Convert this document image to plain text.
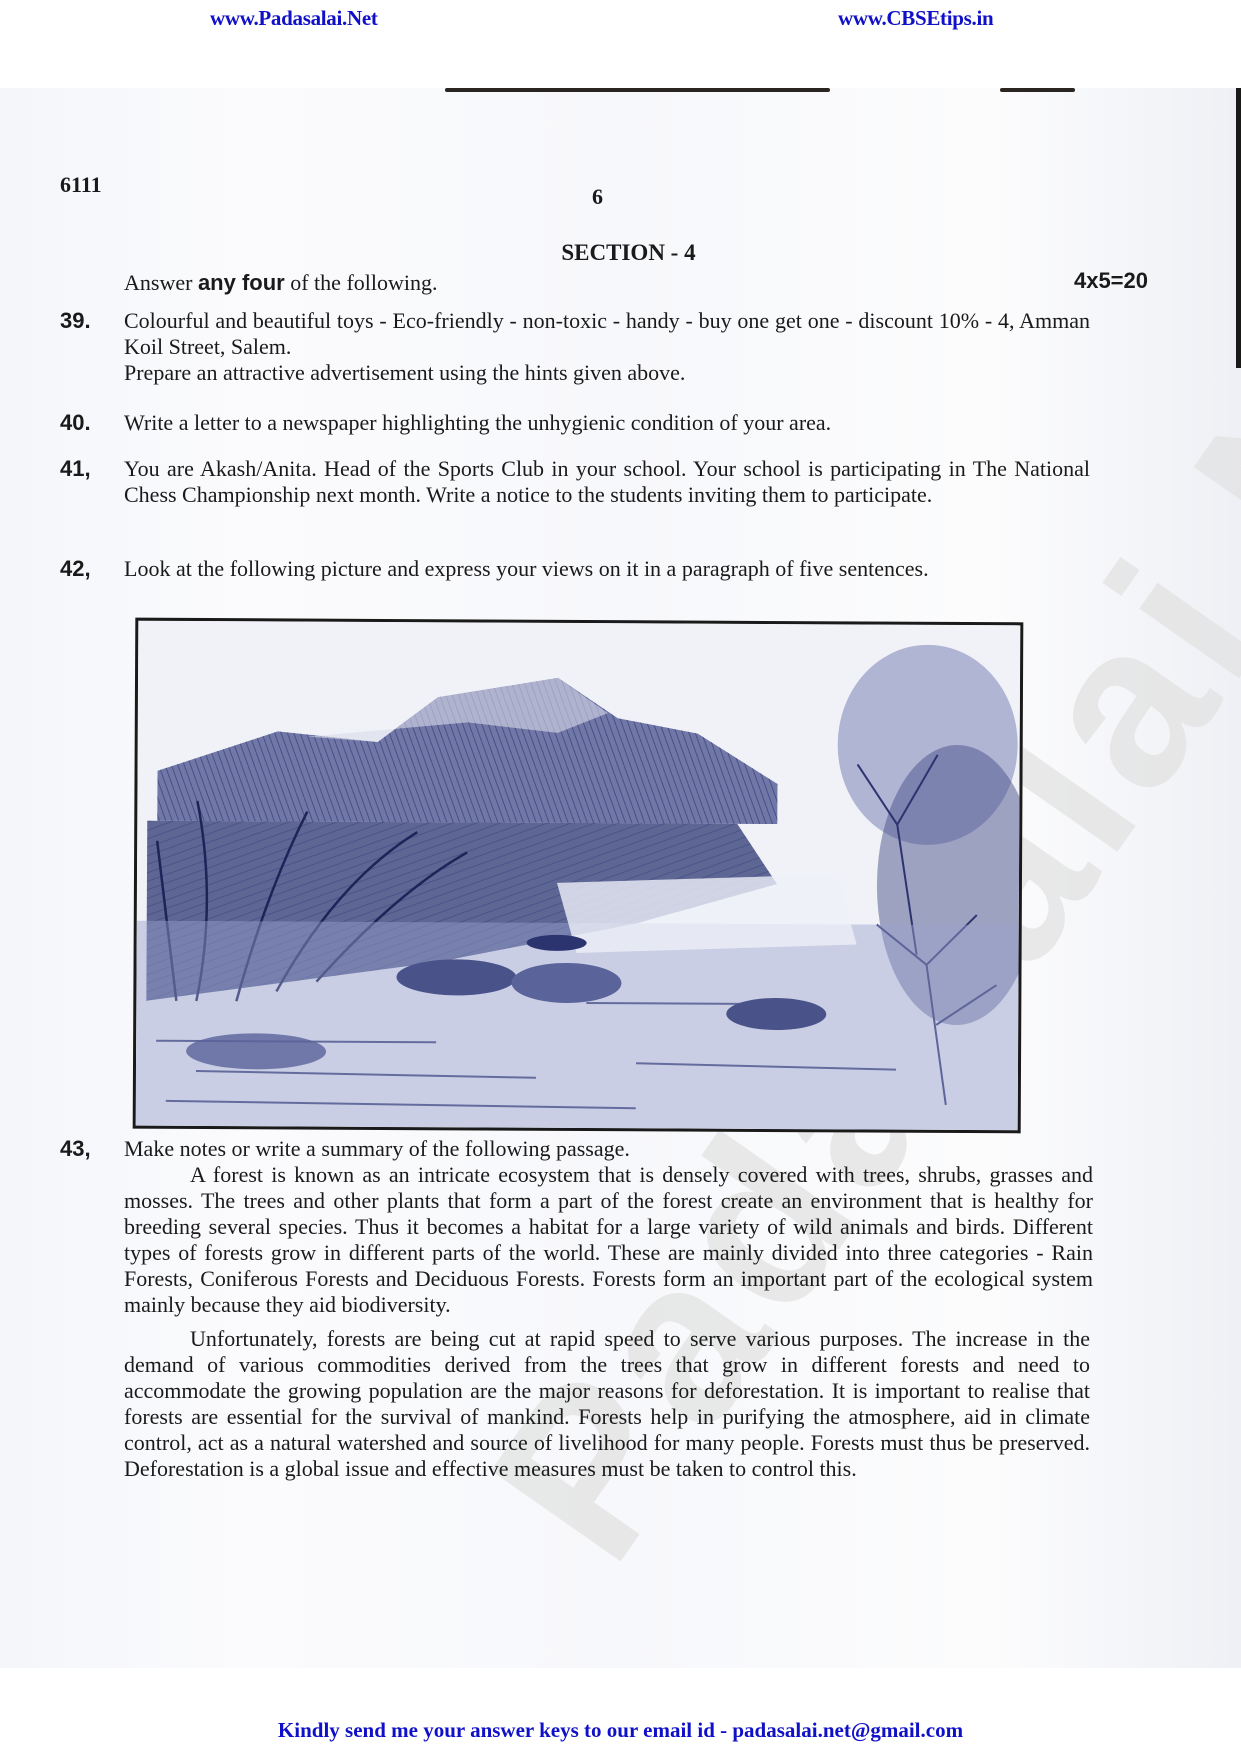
www.Padasalai.Net	www.CBSEtips.in
6111	6
SECTION - 4
Answer any four of the following.	4x5=20
39. Colourful and beautiful toys - Eco-friendly - non-toxic - handy - buy one get one - discount 10% - 4, Amman Koil Street, Salem.

Prepare an attractive advertisement using the hints given above.

40. Write a letter to a newspaper highlighting the unhygienic condition of your area.

41, You are Akash/Anita. Head of the Sports Club in your school. Your school is participating in The National Chess Championship next month. Write a notice to the students inviting them to participate.

42, Look at the following picture and express your views on it in a paragraph of five sentences.

43, Make notes or write a summary of the following passage.

A forest is known as an intricate ecosystem that is densely covered with trees, shrubs, grasses and mosses. The trees and other plants that form a part of the forest create an environment that is healthy for breeding several species. Thus it becomes a habitat for a large variety of wild animals and birds. Different types of forests grow in different parts of the world. These are mainly divided into three categories - Rain Forests, Coniferous Forests and Deciduous Forests. Forests form an important part of the ecological system mainly because they aid biodiversity.

Unfortunately, forests are being cut at rapid speed to serve various purposes. The increase in the demand of various commodities derived from the trees that grow in different forests and need to accommodate the growing population are the major reasons for deforestation. It is important to realise that forests are essential for the survival of mankind. Forests help in purifying the atmosphere, aid in climate control, act as a natural watershed and source of livelihood for many people. Forests must thus be preserved. Deforestation is a global issue and effective measures must be taken to control this.

Kindly send me your answer keys to our email id - padasalai.net@gmail.com
